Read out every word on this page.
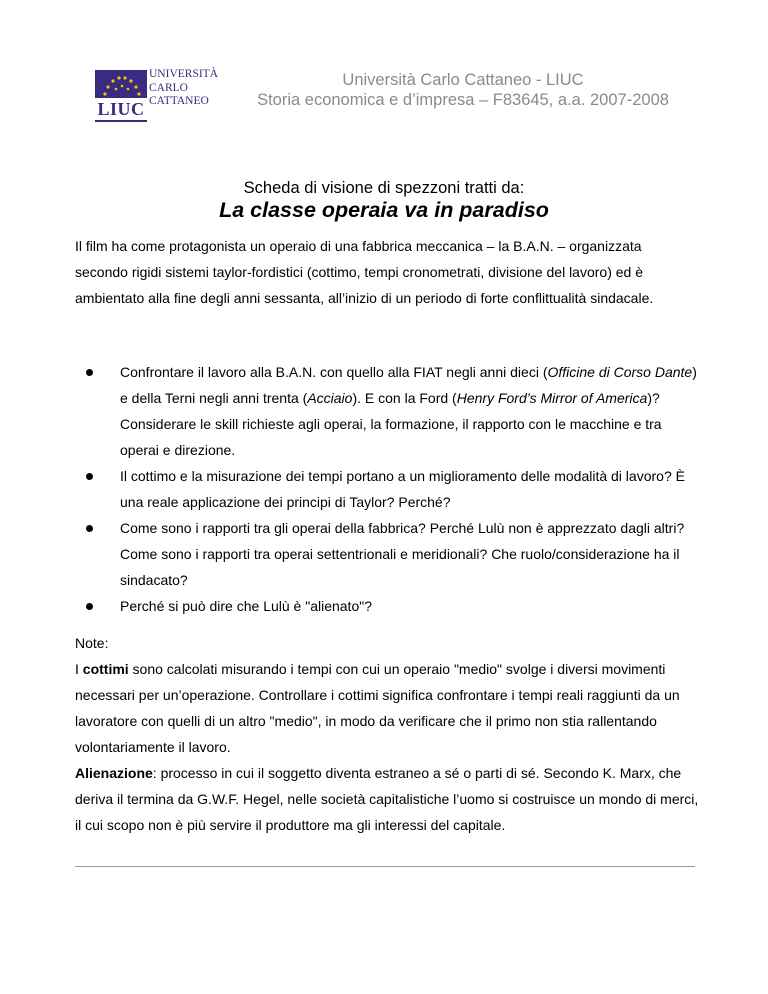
LIUC
UNIVERSITÀ
CARLO
CATTANEO
Università Carlo Cattaneo - LIUC
Storia economica e d’impresa – F83645, a.a. 2007-2008
Scheda di visione di spezzoni tratti da:
La classe operaia va in paradiso
Il film ha come protagonista un operaio di una fabbrica meccanica – la B.A.N. – organizzata secondo rigidi sistemi taylor-fordistici (cottimo, tempi cronometrati, divisione del lavoro) ed è ambientato alla fine degli anni sessanta, all’inizio di un periodo di forte conflittualità sindacale.
Confrontare il lavoro alla B.A.N. con quello alla FIAT negli anni dieci (Officine di Corso Dante) e della Terni negli anni trenta (Acciaio). E con la Ford (Henry Ford’s Mirror of America)? Considerare le skill richieste agli operai, la formazione, il rapporto con le macchine e tra operai e direzione.
Il cottimo e la misurazione dei tempi portano a un miglioramento delle modalità di lavoro? È una reale applicazione dei principi di Taylor? Perché?
Come sono i rapporti tra gli operai della fabbrica? Perché Lulù non è apprezzato dagli altri? Come sono i rapporti tra operai settentrionali e meridionali? Che ruolo/considerazione ha il sindacato?
Perché si può dire che Lulù è "alienato"?

Note:

I cottimi sono calcolati misurando i tempi con cui un operaio "medio" svolge i diversi movimenti necessari per un’operazione. Controllare i cottimi significa confrontare i tempi reali raggiunti da un lavoratore con quelli di un altro "medio", in modo da verificare che il primo non stia rallentando volontariamente il lavoro.

Alienazione: processo in cui il soggetto diventa estraneo a sé o parti di sé. Secondo K. Marx, che deriva il termina da G.W.F. Hegel, nelle società capitalistiche l’uomo si costruisce un mondo di merci, il cui scopo non è più servire il produttore ma gli interessi del capitale.
